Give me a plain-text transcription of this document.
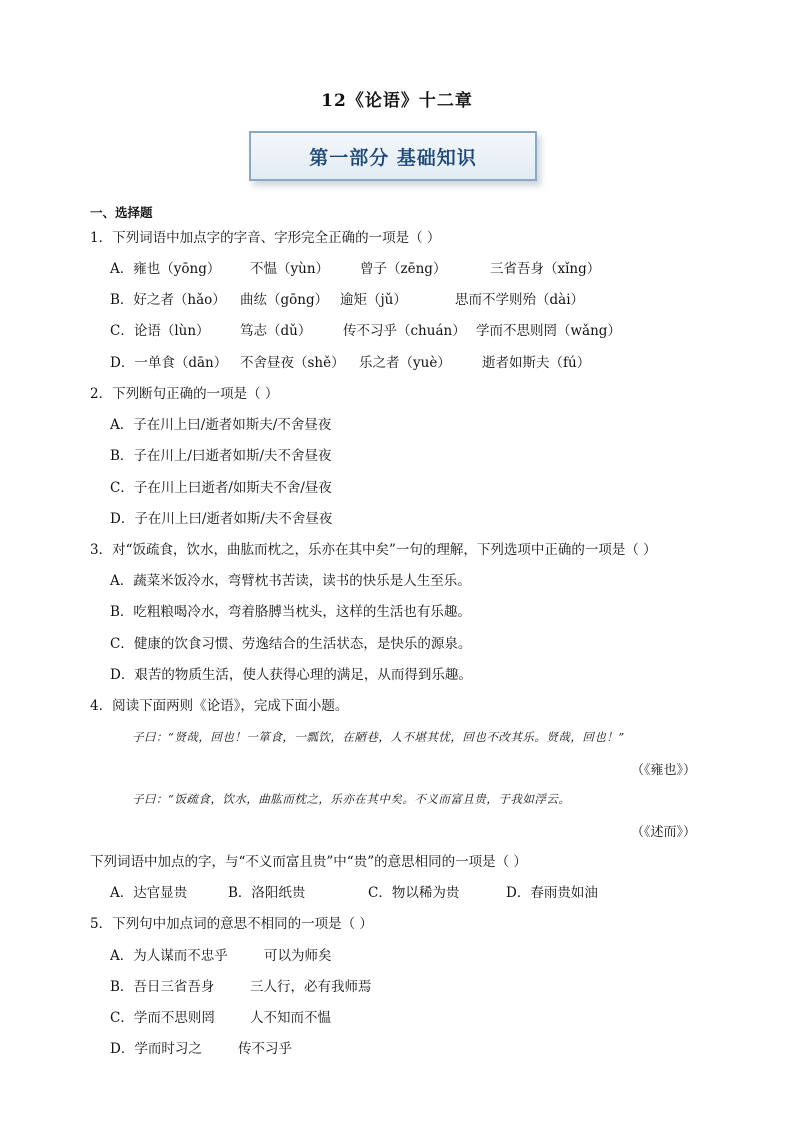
12《论语》十二章
第一部分 基础知识
一、选择题
1．下列词语中加点字的字音、字形完全正确的一项是（ ）
A．雍也（yōng） 不愠（yùn） 曾子（zēng）	三省吾身（xǐng）
B．好之者（hǎo） 曲纮（gōng） 逾矩（jǔ）	思而不学则殆（dài）
C．论语（lùn） 笃志（dǔ） 传不习乎（chuán） 学而不思则罔（wǎng）
D．一单食（dān） 不舍昼夜（shě） 乐之者（yuè） 逝者如斯夫（fú）
2．下列断句正确的一项是（ ）
A．子在川上曰/逝者如斯夫/不舍昼夜
B．子在川上/曰逝者如斯/夫不舍昼夜
C．子在川上曰逝者/如斯夫不舍/昼夜
D．子在川上曰/逝者如斯/夫不舍昼夜
3．对“饭疏食，饮水，曲肱而枕之，乐亦在其中矣”一句的理解，下列选项中正确的一项是（ ）
A．蔬菜米饭冷水，弯臂枕书苦读，读书的快乐是人生至乐。
B．吃粗粮喝冷水，弯着胳膊当枕头，这样的生活也有乐趣。
C．健康的饮食习惯、劳逸结合的生活状态，是快乐的源泉。
D．艰苦的物质生活，使人获得心理的满足，从而得到乐趣。
4．阅读下面两则《论语》，完成下面小题。
子曰：“贤哉，回也！一箪食，一瓢饮，在陋巷，人不堪其忧，回也不改其乐。贤哉，回也！”
（《雍也》）
子曰：“饭疏食，饮水，曲肱而枕之，乐亦在其中矣。不义而富且贵，于我如浮云。
（《述而》）
下列词语中加点的字，与“不义而富且贵”中“贵”的意思相同的一项是（ ）
A．达官显贵	B．洛阳纸贵	C．物以稀为贵	D．春雨贵如油
5．下列句中加点词的意思不相同的一项是（ ）
A．为人谋而不忠乎	可以为师矣
B．吾日三省吾身	三人行，必有我师焉
C．学而不思则罔	人不知而不愠
D．学而时习之	传不习乎
